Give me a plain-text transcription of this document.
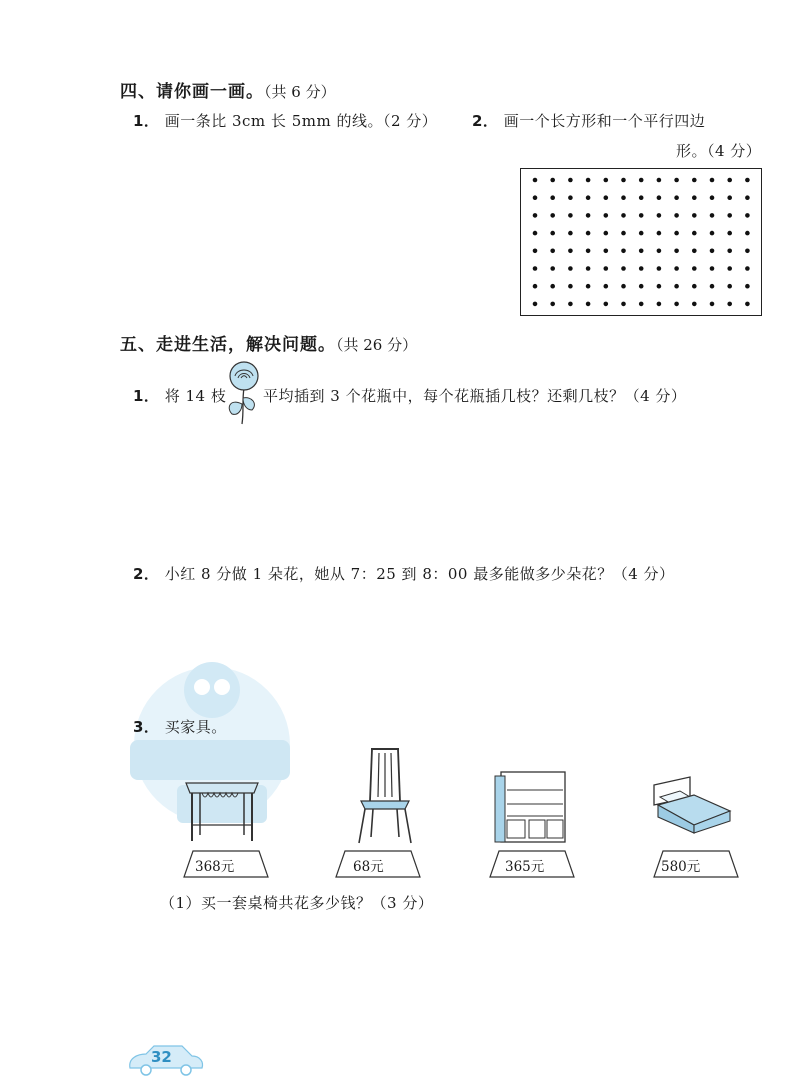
四、请你画一画。（共 6 分）
1． 画一条比 3cm 长 5mm 的线。（2 分） 2． 画一个长方形和一个平行四边
形。（4 分）
五、走进生活，解决问题。（共 26 分）
1． 将 14 枝 平均插到 3 个花瓶中，每个花瓶插几枝？还剩几枝？（4 分）
2． 小红 8 分做 1 朵花，她从 7：25 到 8：00 最多能做多少朵花？（4 分）
3． 买家具。
368元	68元	365元	580元
（1）买一套桌椅共花多少钱？（3 分）
32
